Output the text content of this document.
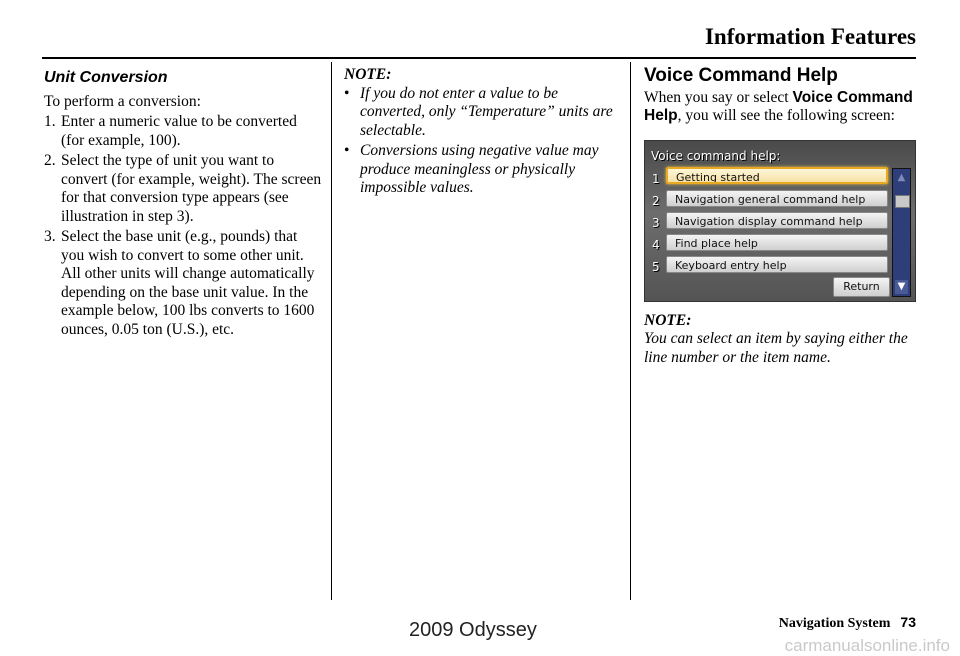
Information Features
Unit Conversion
To perform a conversion:
1. Enter a numeric value to be converted (for example, 100).
2. Select the type of unit you want to convert (for example, weight). The screen for that conversion type appears (see illustration in step 3).
3. Select the base unit (e.g., pounds) that you wish to convert to some other unit. All other units will change automatically depending on the base unit value. In the example below, 100 lbs converts to 1600 ounces, 0.05 ton (U.S.), etc.
NOTE:
• If you do not enter a value to be converted, only “Temperature” units are selectable.
• Conversions using negative value may produce meaningless or physically impossible values.
Voice Command Help
When you say or select Voice Command Help, you will see the following screen:
Voice command help:
1	Getting started
2	Navigation general command help
3	Navigation display command help
4	Find place help
5	Keyboard entry help
Return
▲
▼
NOTE:
You can select an item by saying either the line number or the item name.
Navigation System 73
2009 Odyssey
carmanualsonline.info
